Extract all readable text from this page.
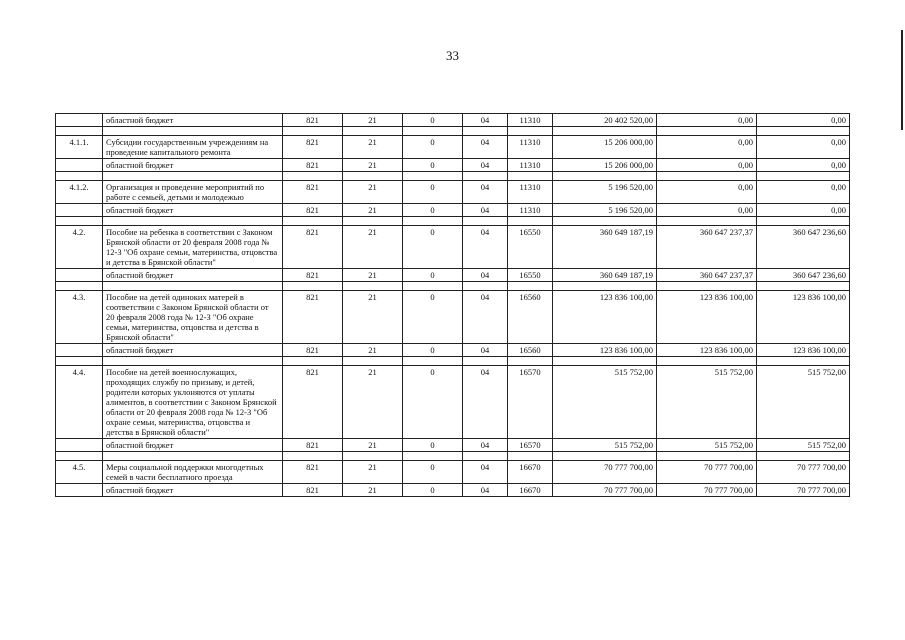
33
	областной бюджет	821	21	0	04	11310	20 402 520,00	0,00	0,00

4.1.1.	Субсидии государственным учреждениям на проведение капитального ремонта	821	21	0	04	11310	15 206 000,00	0,00	0,00
	областной бюджет	821	21	0	04	11310	15 206 000,00	0,00	0,00

4.1.2.	Организация и проведение мероприятий по работе с семьей, детьми и молодежью	821	21	0	04	11310	5 196 520,00	0,00	0,00
	областной бюджет	821	21	0	04	11310	5 196 520,00	0,00	0,00

4.2.	Пособие на ребенка в соответствии с Законом Брянской области от 20 февраля 2008 года № 12-З "Об охране семьи, материнства, отцовства и детства в Брянской области"	821	21	0	04	16550	360 649 187,19	360 647 237,37	360 647 236,60
	областной бюджет	821	21	0	04	16550	360 649 187,19	360 647 237,37	360 647 236,60

4.3.	Пособие на детей одиноких матерей в соответствии с Законом Брянской области от 20 февраля 2008 года № 12-З "Об охране семьи, материнства, отцовства и детства в Брянской области"	821	21	0	04	16560	123 836 100,00	123 836 100,00	123 836 100,00
	областной бюджет	821	21	0	04	16560	123 836 100,00	123 836 100,00	123 836 100,00

4.4.	Пособие на детей военнослужащих, проходящих службу по призыву, и детей, родители которых уклоняются от уплаты алиментов, в соответствии с Законом Брянской области от 20 февраля 2008 года № 12-З "Об охране семьи, материнства, отцовства и детства в Брянской области"	821	21	0	04	16570	515 752,00	515 752,00	515 752,00
	областной бюджет	821	21	0	04	16570	515 752,00	515 752,00	515 752,00

4.5.	Меры социальной поддержки многодетных семей в части бесплатного проезда	821	21	0	04	16670	70 777 700,00	70 777 700,00	70 777 700,00
	областной бюджет	821	21	0	04	16670	70 777 700,00	70 777 700,00	70 777 700,00
